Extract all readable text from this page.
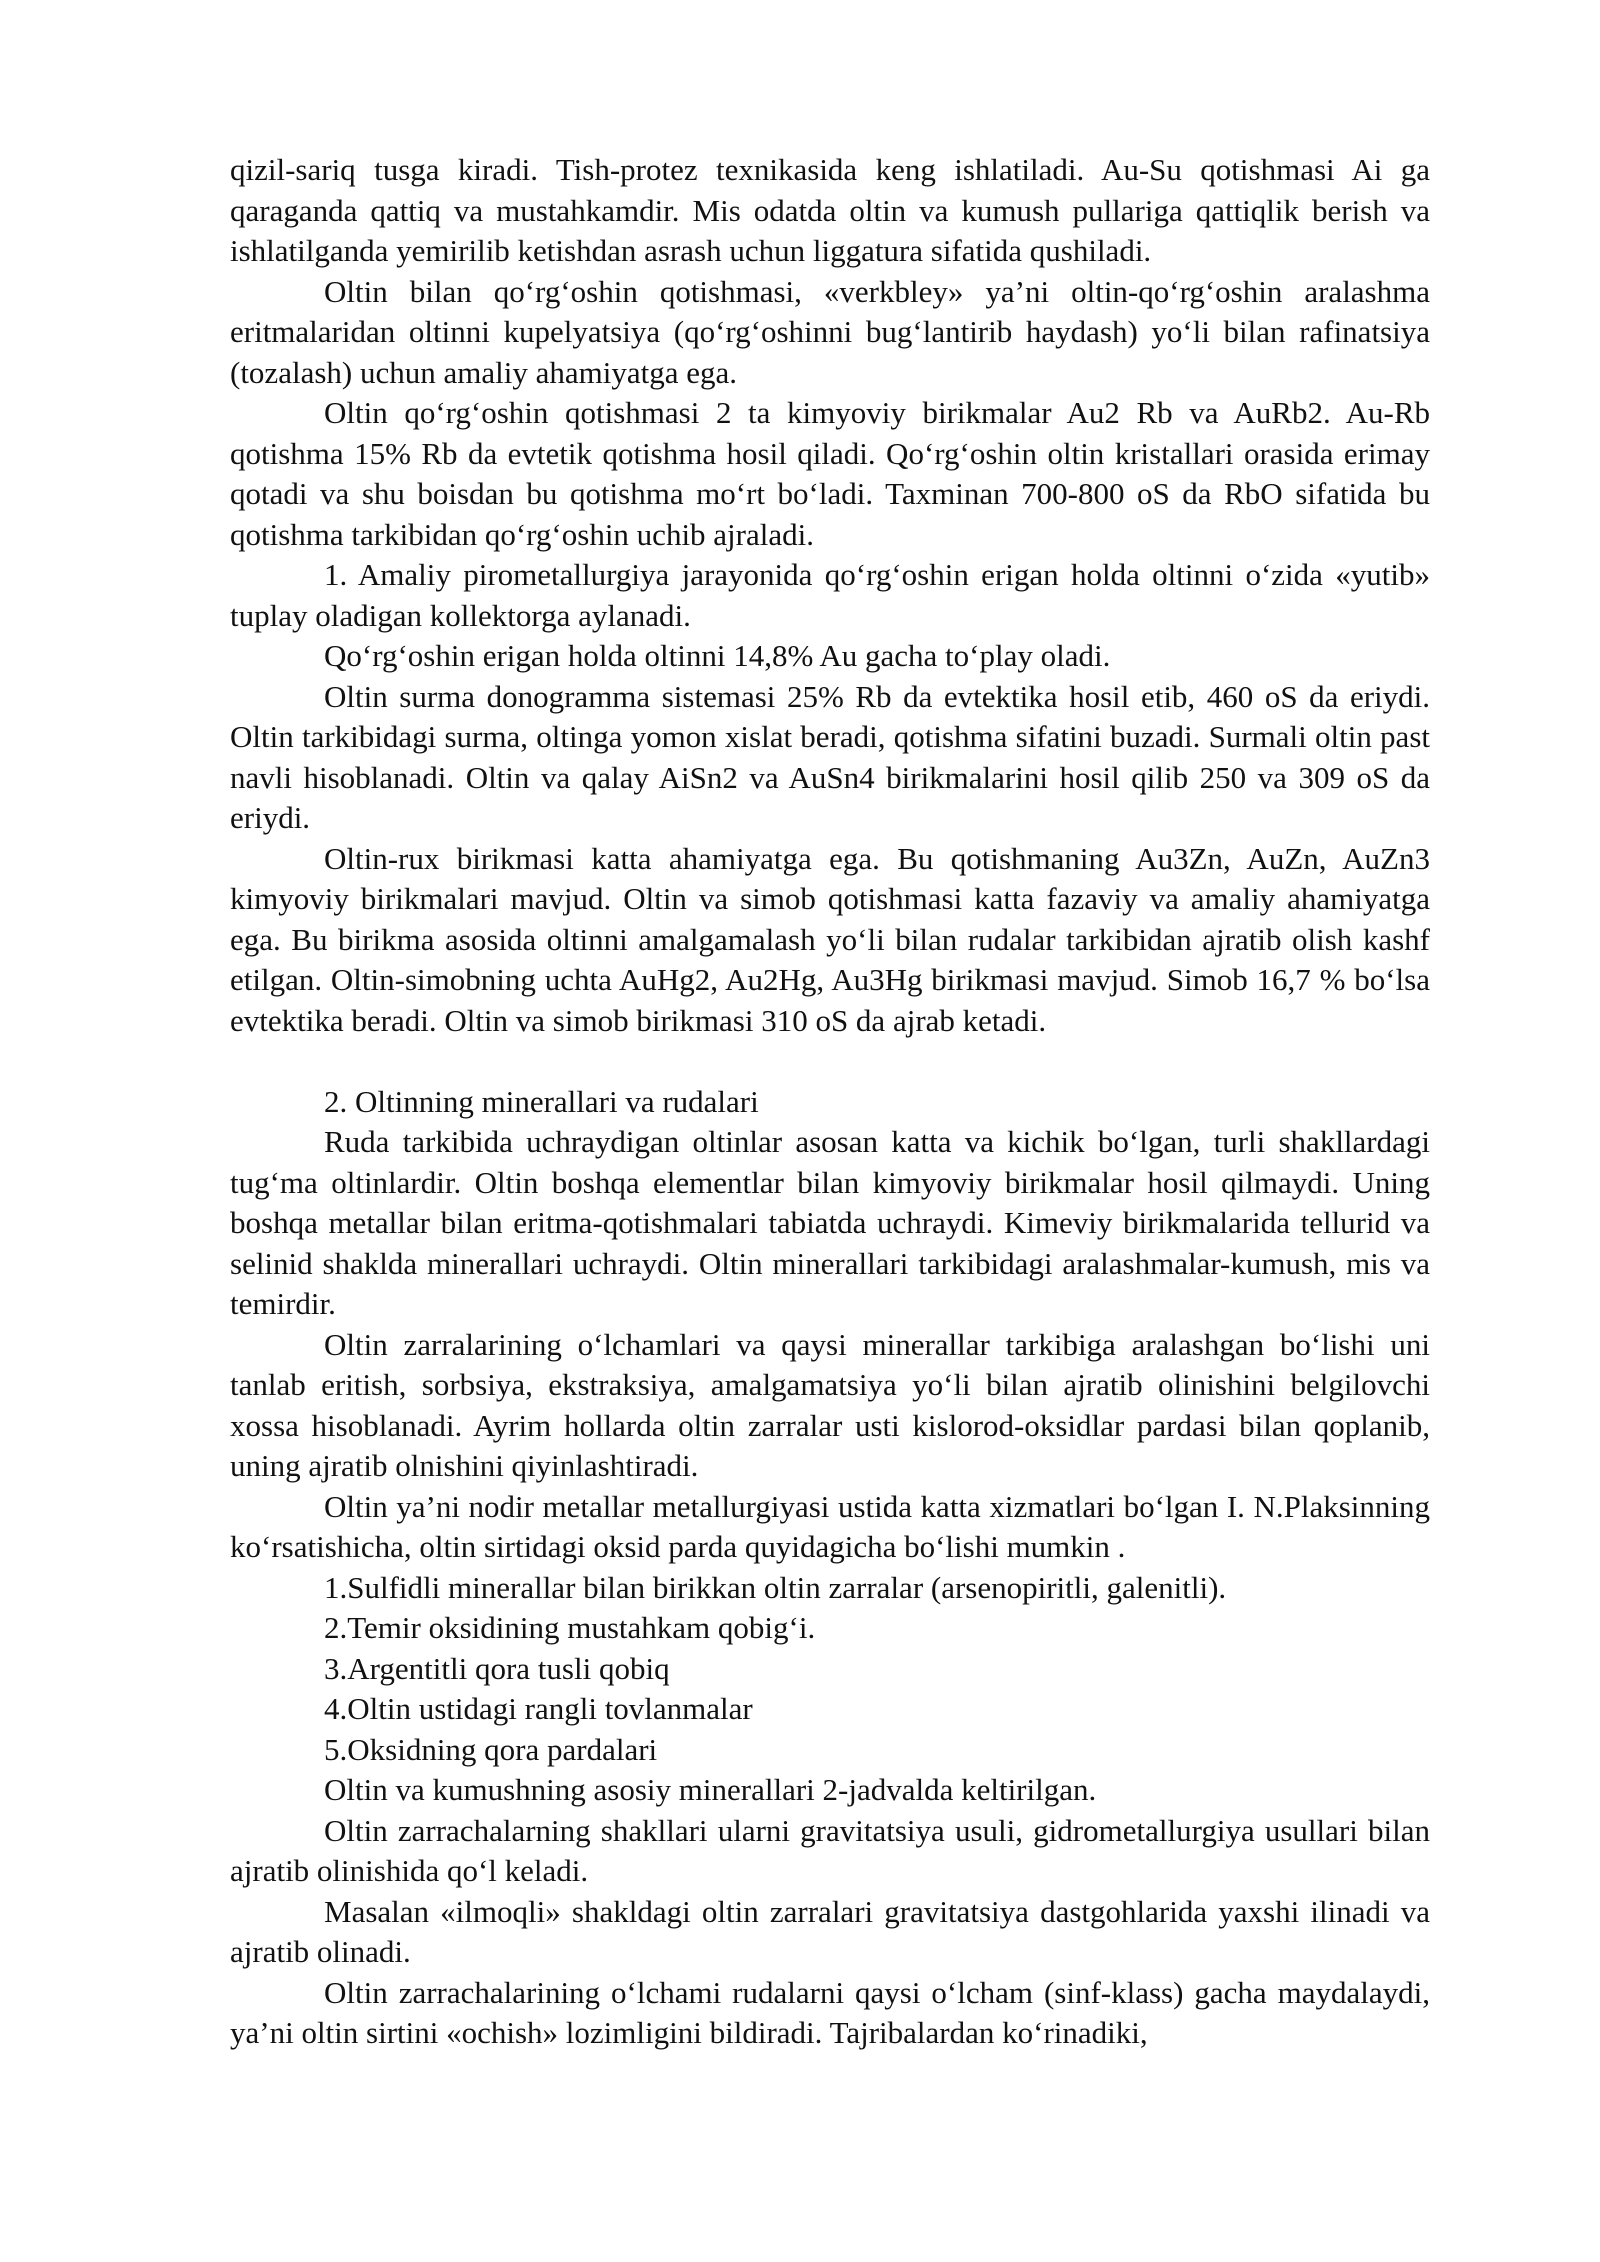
qizil-sariq tusga kiradi. Tish-protez texnikasida keng ishlatiladi. Au-Su qotishmasi Ai ga qaraganda qattiq va mustahkamdir. Mis odatda oltin va kumush pullariga qattiqlik berish va ishlatilganda yemirilib ketishdan asrash uchun liggatura sifatida qushiladi.

Oltin bilan qo‘rg‘oshin qotishmasi, «verkbley» ya’ni oltin-qo‘rg‘oshin aralashma eritmalaridan oltinni kupelyatsiya (qo‘rg‘oshinni bug‘lantirib haydash) yo‘li bilan rafinatsiya (tozalash) uchun amaliy ahamiyatga ega.

Oltin qo‘rg‘oshin qotishmasi 2 ta kimyoviy birikmalar Au2 Rb va AuRb2. Au-Rb qotishma 15% Rb da evtetik qotishma hosil qiladi. Qo‘rg‘oshin oltin kristallari orasida erimay qotadi va shu boisdan bu qotishma mo‘rt bo‘ladi. Taxminan 700-800 oS da RbO sifatida bu qotishma tarkibidan qo‘rg‘oshin uchib ajraladi.

1. Amaliy pirometallurgiya jarayonida qo‘rg‘oshin erigan holda oltinni o‘zida «yutib» tuplay oladigan kollektorga aylanadi.

Qo‘rg‘oshin erigan holda oltinni 14,8% Au gacha to‘play oladi.

Oltin surma donogramma sistemasi 25% Rb da evtektika hosil etib, 460 oS da eriydi. Oltin tarkibidagi surma, oltinga yomon xislat beradi, qotishma sifatini buzadi. Surmali oltin past navli hisoblanadi. Oltin va qalay AiSn2 va AuSn4 birikmalarini hosil qilib 250 va 309 oS da eriydi.

Oltin-rux birikmasi katta ahamiyatga ega. Bu qotishmaning Au3Zn, AuZn, AuZn3 kimyoviy birikmalari mavjud. Oltin va simob qotishmasi katta fazaviy va amaliy ahamiyatga ega. Bu birikma asosida oltinni amalgamalash yo‘li bilan rudalar tarkibidan ajratib olish kashf etilgan. Oltin-simobning uchta AuHg2, Au2Hg, Au3Hg birikmasi mavjud. Simob 16,7 % bo‘lsa evtektika beradi. Oltin va simob birikmasi 310 oS da ajrab ketadi.

2. Oltinning minerallari va rudalari

Ruda tarkibida uchraydigan oltinlar asosan katta va kichik bo‘lgan, turli shakllardagi tug‘ma oltinlardir. Oltin boshqa elementlar bilan kimyoviy birikmalar hosil qilmaydi. Uning boshqa metallar bilan eritma-qotishmalari tabiatda uchraydi. Kimeviy birikmalarida tellurid va selinid shaklda minerallari uchraydi. Oltin minerallari tarkibidagi aralashmalar-kumush, mis va temirdir.

Oltin zarralarining o‘lchamlari va qaysi minerallar tarkibiga aralashgan bo‘lishi uni tanlab eritish, sorbsiya, ekstraksiya, amalgamatsiya yo‘li bilan ajratib olinishini belgilovchi xossa hisoblanadi. Ayrim hollarda oltin zarralar usti kislorod-oksidlar pardasi bilan qoplanib, uning ajratib olnishini qiyinlashtiradi.

Oltin ya’ni nodir metallar metallurgiyasi ustida katta xizmatlari bo‘lgan I. N.Plaksinning ko‘rsatishicha, oltin sirtidagi oksid parda quyidagicha bo‘lishi mumkin .

1.Sulfidli minerallar bilan birikkan oltin zarralar (arsenopiritli, galenitli).

2.Temir oksidining mustahkam qobig‘i.

3.Argentitli qora tusli qobiq

4.Oltin ustidagi rangli tovlanmalar

5.Oksidning qora pardalari

Oltin va kumushning asosiy minerallari 2-jadvalda keltirilgan.

Oltin zarrachalarning shakllari ularni gravitatsiya usuli, gidrometallurgiya usullari bilan ajratib olinishida qo‘l keladi.

Masalan «ilmoqli» shakldagi oltin zarralari gravitatsiya dastgohlarida yaxshi ilinadi va ajratib olinadi.

Oltin zarrachalarining o‘lchami rudalarni qaysi o‘lcham (sinf-klass) gacha maydalaydi, ya’ni oltin sirtini «ochish» lozimligini bildiradi. Tajribalardan ko‘rinadiki,
